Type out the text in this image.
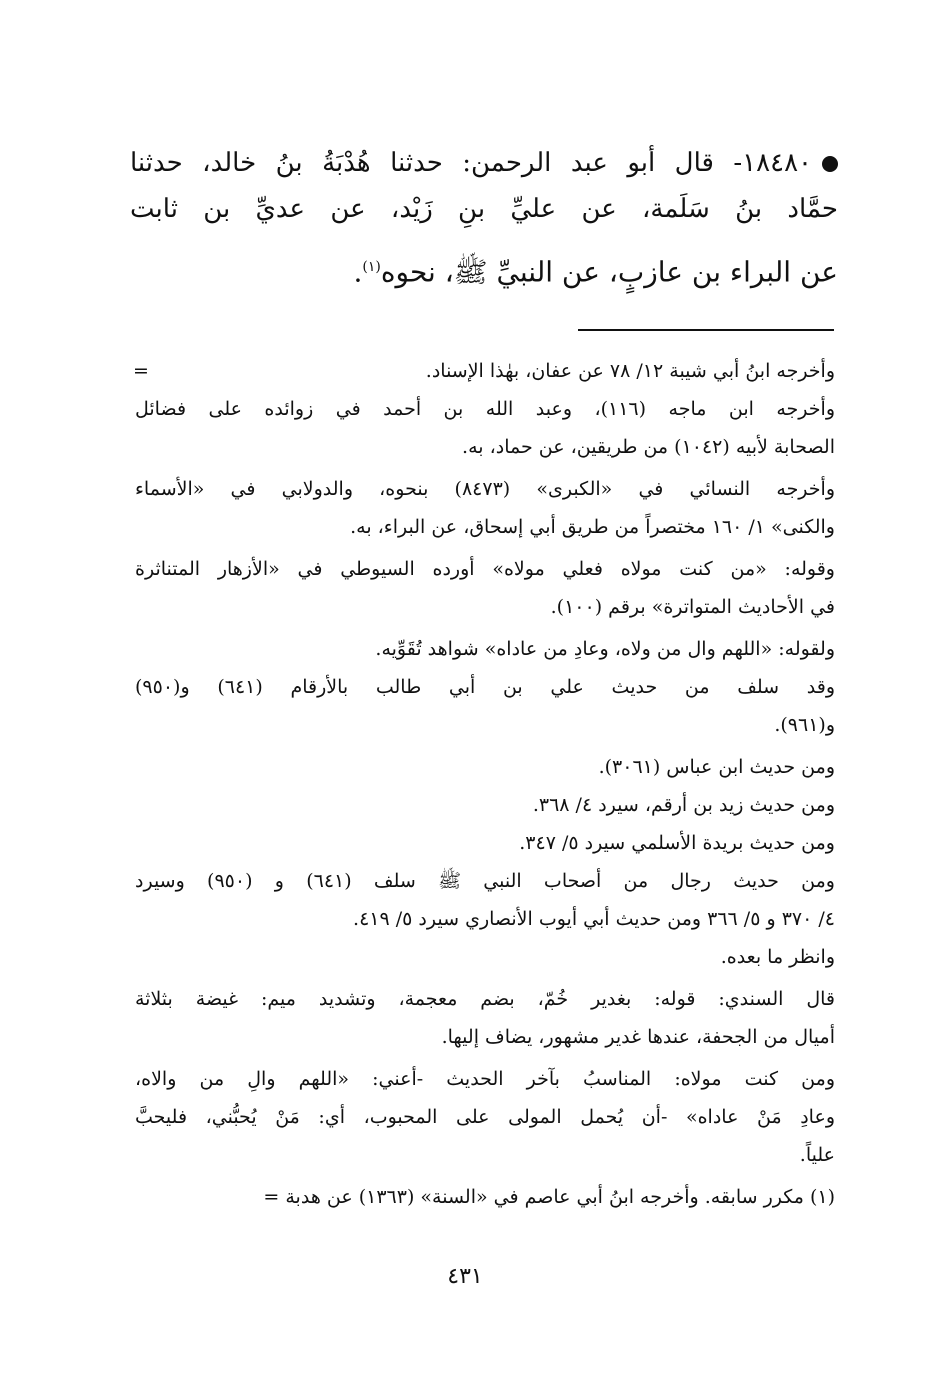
١٨٤٨٠- قال أبو عبد الرحمن: حدثنا هُدْبَةُ بنُ خالد، حدثنا
حمَّاد بنُ سَلَمة، عن عليِّ بنِ زَيْد، عن عديِّ بن ثابت
عن البراء بن عازبٍ، عن النبيِّ ﷺ، نحوه$^{(١)}$.
=	وأخرجه ابنُ أبي شيبة ١٢/ ٧٨ عن عفان، بهٰذا الإسناد.
وأخرجه ابن ماجه (١١٦)، وعبد الله بن أحمد في زوائده على فضائل
الصحابة لأبيه (١٠٤٢) من طريقين، عن حماد، به.
وأخرجه النسائي في «الكبرى» (٨٤٧٣) بنحوه، والدولابي في «الأسماء
والكنى» ١/ ١٦٠ مختصراً من طريق أبي إسحاق، عن البراء، به.
وقوله: «من كنت مولاه فعلي مولاه» أورده السيوطي في «الأزهار المتناثرة
في الأحاديث المتواترة» برقم (١٠٠).
ولقوله: «اللهم وال من ولاه، وعادِ من عاداه» شواهد تُقَوِّيه.
وقد سلف من حديث علي بن أبي طالب بالأرقام (٦٤١) و(٩٥٠)
و(٩٦١).
ومن حديث ابن عباس (٣٠٦١).
ومن حديث زيد بن أرقم، سيرد ٤/ ٣٦٨.
ومن حديث بريدة الأسلمي سيرد ٥/ ٣٤٧.
ومن حديث رجال من أصحاب النبي ﷺ سلف (٦٤١) و (٩٥٠) وسيرد
٤/ ٣٧٠ و ٥/ ٣٦٦ ومن حديث أبي أيوب الأنصاري سيرد ٥/ ٤١٩.
وانظر ما بعده.
قال السندي: قوله: بغدير خُمّ، بضم معجمة، وتشديد ميم: غيضة بثلاثة
أميال من الجحفة، عندها غدير مشهور، يضاف إليها.
ومن كنت مولاه: المناسبُ بآخر الحديث -أعني: «اللهم والِ من والاه،
وعادِ مَنْ عاداه» -أن يُحمل المولى على المحبوب، أي: مَنْ يُحبُّني، فليحبَّ
علياً.
(١) مكرر سابقه. وأخرجه ابنُ أبي عاصم في «السنة» (١٣٦٣) عن هدبة =
٤٣١
